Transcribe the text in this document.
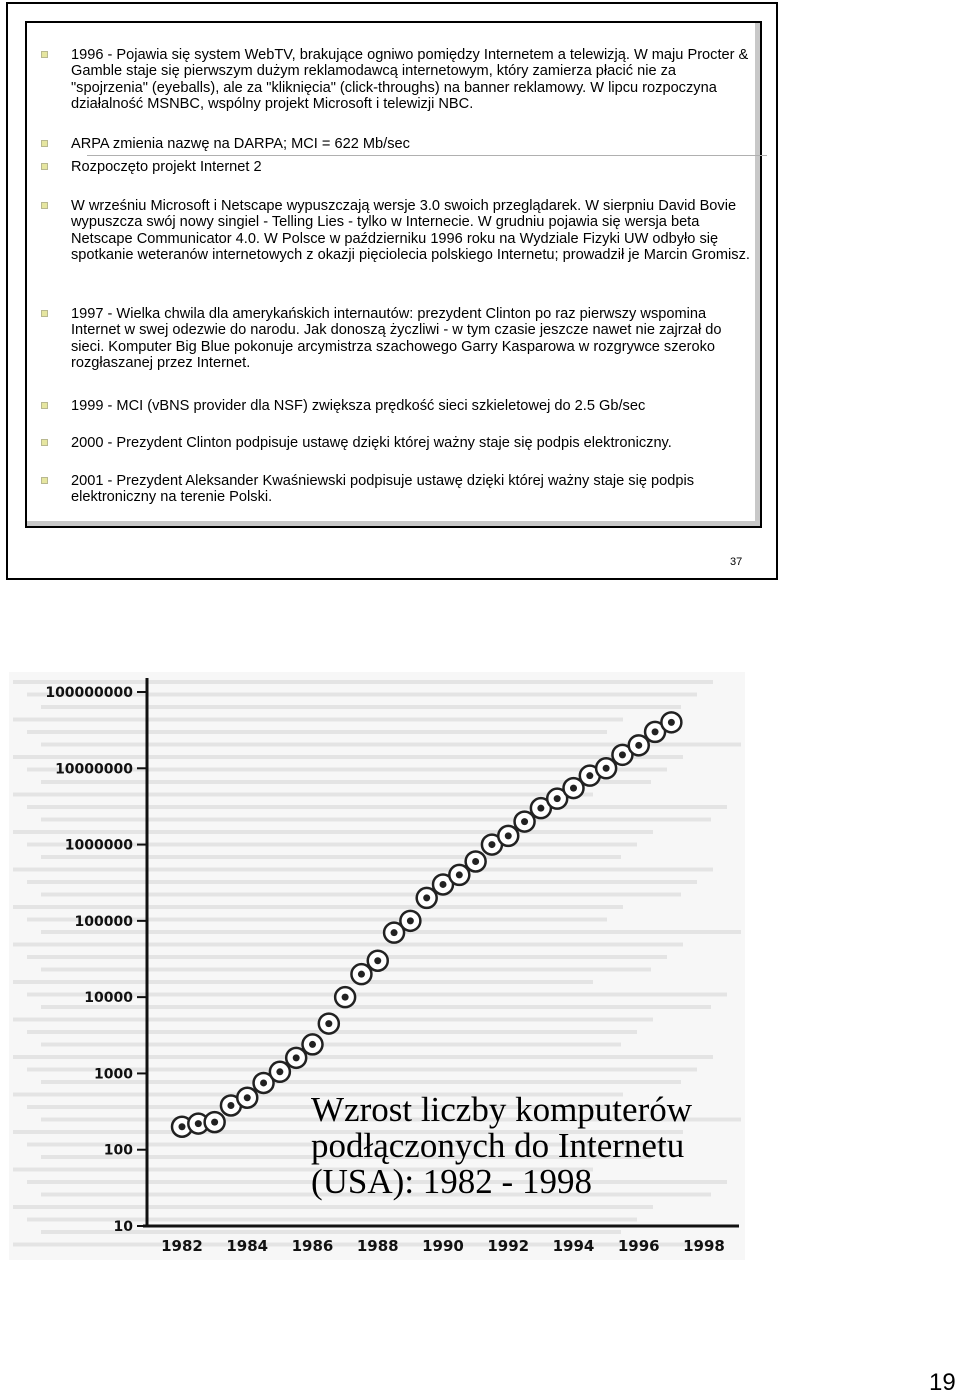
1996 - Pojawia się system WebTV, brakujące ogniwo pomiędzy Internetem a telewizją. W maju Procter & Gamble staje się pierwszym dużym reklamodawcą internetowym, który zamierza płacić nie za "spojrzenia" (eyeballs), ale za "kliknięcia" (click-throughs) na banner reklamowy. W lipcu rozpoczyna działalność MSNBC, wspólny projekt Microsoft i telewizji NBC.
ARPA zmienia nazwę na DARPA; MCI = 622 Mb/sec
Rozpoczęto projekt Internet 2
W wrześniu Microsoft i Netscape wypuszczają wersje 3.0 swoich przeglądarek. W sierpniu David Bovie wypuszcza swój nowy singiel - Telling Lies - tylko w Internecie. W grudniu pojawia się wersja beta Netscape Communicator 4.0. W Polsce w październiku 1996 roku na Wydziale Fizyki UW odbyło się spotkanie weteranów internetowych z okazji pięciolecia polskiego Internetu; prowadził je Marcin Gromisz.
1997 - Wielka chwila dla amerykańskich internautów: prezydent Clinton po raz pierwszy wspomina Internet w swej odezwie do narodu. Jak donoszą życzliwi - w tym czasie jeszcze nawet nie zajrzał do sieci. Komputer Big Blue pokonuje arcymistrza szachowego Garry Kasparowa w rozgrywce szeroko rozgłaszanej przez Internet.
1999 - MCI (vBNS provider dla NSF) zwiększa prędkość sieci szkieletowej do 2.5 Gb/sec
2000 - Prezydent Clinton podpisuje ustawę dzięki której ważny staje się podpis elektroniczny.
2001 - Prezydent Aleksander Kwaśniewski podpisuje ustawę dzięki której ważny staje się podpis elektroniczny na terenie Polski.
37
10
100
1000
10000
100000
1000000
10000000
100000000
1982 1984 1986 1988 1990 1992 1994 1996 1998
Wzrost liczby komputerów podłączonych do Internetu (USA): 1982 - 1998
19
